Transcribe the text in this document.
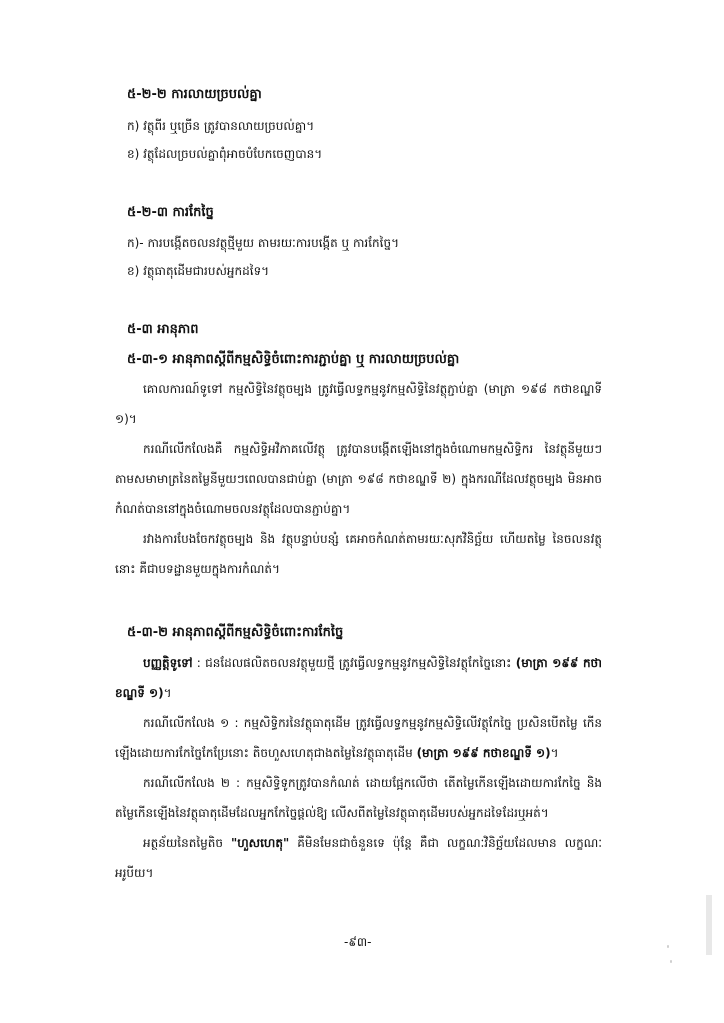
៥-២-២ ការលាយច្របល់គ្នា
ក) វត្ថុពីរ ឬច្រើន ត្រូវបានលាយច្របល់គ្នា។
ខ) វត្ថុដែលច្របល់គ្នាពុំអាចបំបែកចេញបាន។
៥-២-៣ ការកែច្នៃ
ក)- ការបង្កើតចលនវត្ថុថ្មីមួយ តាមរយៈការបង្កើត ឬ ការកែច្នៃ។
ខ) វត្ថុធាតុដើមជារបស់អ្នកដទៃ។
៥-៣ អានុភាព
៥-៣-១ អានុភាពស្តីពីកម្មសិទ្ធិចំពោះការភ្ជាប់គ្នា ឬ ការលាយច្របល់គ្នា

គោលការណ៍ទូទៅ កម្មសិទ្ធិនៃវត្ថុចម្បង ត្រូវធ្វើលទ្ធកម្មនូវកម្មសិទ្ធិនៃវត្ថុភ្ជាប់គ្នា (មាត្រា ១៩៨ កថាខណ្ឌទី ១)។

ករណីលើកលែងគឺ កម្មសិទ្ធិអវិភាគលើវត្ថុ ត្រូវបានបង្កើតឡើងនៅក្នុងចំណោមកម្មសិទ្ធិករ នៃវត្ថុនីមួយៗ តាមសមាមាត្រនៃតម្លៃនីមួយៗពេលបានជាប់គ្នា (មាត្រា ១៩៨ កថាខណ្ឌទី ២) ក្នុងករណីដែលវត្ថុចម្បង មិនអាចកំណត់បាននៅក្នុងចំណោមចលនវត្ថុដែលបានភ្ជាប់គ្នា។

រវាងការបែងចែកវត្ថុចម្បង និង វត្ថុបន្ទាប់បន្សំ គេអាចកំណត់តាមរយៈសុភវិនិច្ឆ័យ ហើយតម្លៃ នៃចលនវត្ថុនោះ គឺជាបទដ្ឋានមួយក្នុងការកំណត់។

៥-៣-២ អានុភាពស្តីពីកម្មសិទ្ធិចំពោះការកែច្នៃ

បញ្ញត្តិទូទៅ : ជនដែលផលិតចលនវត្ថុមួយថ្មី ត្រូវធ្វើលទ្ធកម្មនូវកម្មសិទ្ធិនៃវត្ថុកែច្នៃនោះ (មាត្រា ១៩៩ កថាខណ្ឌទី ១)។

ករណីលើកលែង ១ : កម្មសិទ្ធិករនៃវត្ថុធាតុដើម ត្រូវធ្វើលទ្ធកម្មនូវកម្មសិទ្ធិលើវត្ថុកែច្នៃ ប្រសិនបើតម្លៃ កើនឡើងដោយការកែច្នៃកែប្រែនោះ តិចហួសហេតុជាងតម្លៃនៃវត្ថុធាតុដើម (មាត្រា ១៩៩ កថាខណ្ឌទី ១)។

ករណីលើកលែង ២ : កម្មសិទ្ធិទូកត្រូវបានកំណត់ ដោយផ្អែកលើថា តើតម្លៃកើនឡើងដោយការកែច្នៃ និង តម្លៃកើនឡើងនៃវត្ថុធាតុដើមដែលអ្នកកែច្នៃផ្តល់ឱ្យ លើសពីតម្លៃនៃវត្ថុធាតុដើមរបស់អ្នកដទៃដែរឬអត់។

អត្ថន័យនៃតម្លៃតិច "ហួសហេតុ" គឺមិនមែនជាចំនួនទេ ប៉ុន្តែ គឺជា លក្ខណៈវិនិច្ឆ័យដែលមាន លក្ខណៈអរូបីយ។

-៩៣-
